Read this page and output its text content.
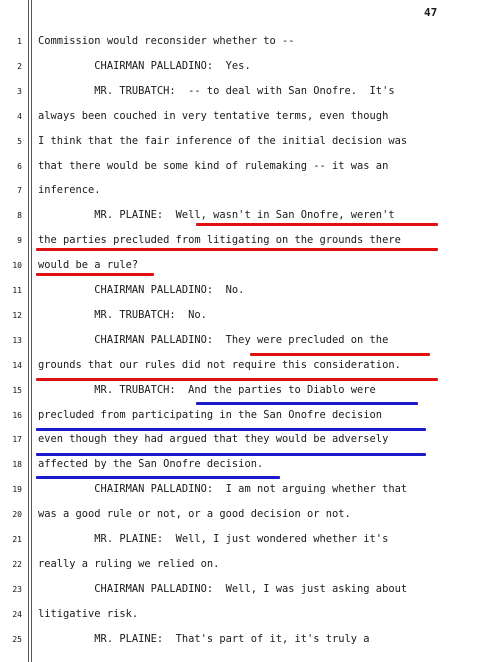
47
1 Commission would reconsider whether to --
2 CHAIRMAN PALLADINO:  Yes.
3 MR. TRUBATCH:  -- to deal with San Onofre.  It's
4 always been couched in very tentative terms, even though
5 I think that the fair inference of the initial decision was
6 that there would be some kind of rulemaking -- it was an
7 inference.
8 MR. PLAINE:  Well, wasn't in San Onofre, weren't
9 the parties precluded from litigating on the grounds there
10 would be a rule?
11 CHAIRMAN PALLADINO:  No.
12 MR. TRUBATCH:  No.
13 CHAIRMAN PALLADINO:  They were precluded on the
14 grounds that our rules did not require this consideration.
15 MR. TRUBATCH:  And the parties to Diablo were
16 precluded from participating in the San Onofre decision
17 even though they had argued that they would be adversely
18 affected by the San Onofre decision.
19 CHAIRMAN PALLADINO:  I am not arguing whether that
20 was a good rule or not, or a good decision or not.
21 MR. PLAINE:  Well, I just wondered whether it's
22 really a ruling we relied on.
23 CHAIRMAN PALLADINO:  Well, I was just asking about
24 litigative risk.
25 MR. PLAINE:  That's part of it, it's truly a
